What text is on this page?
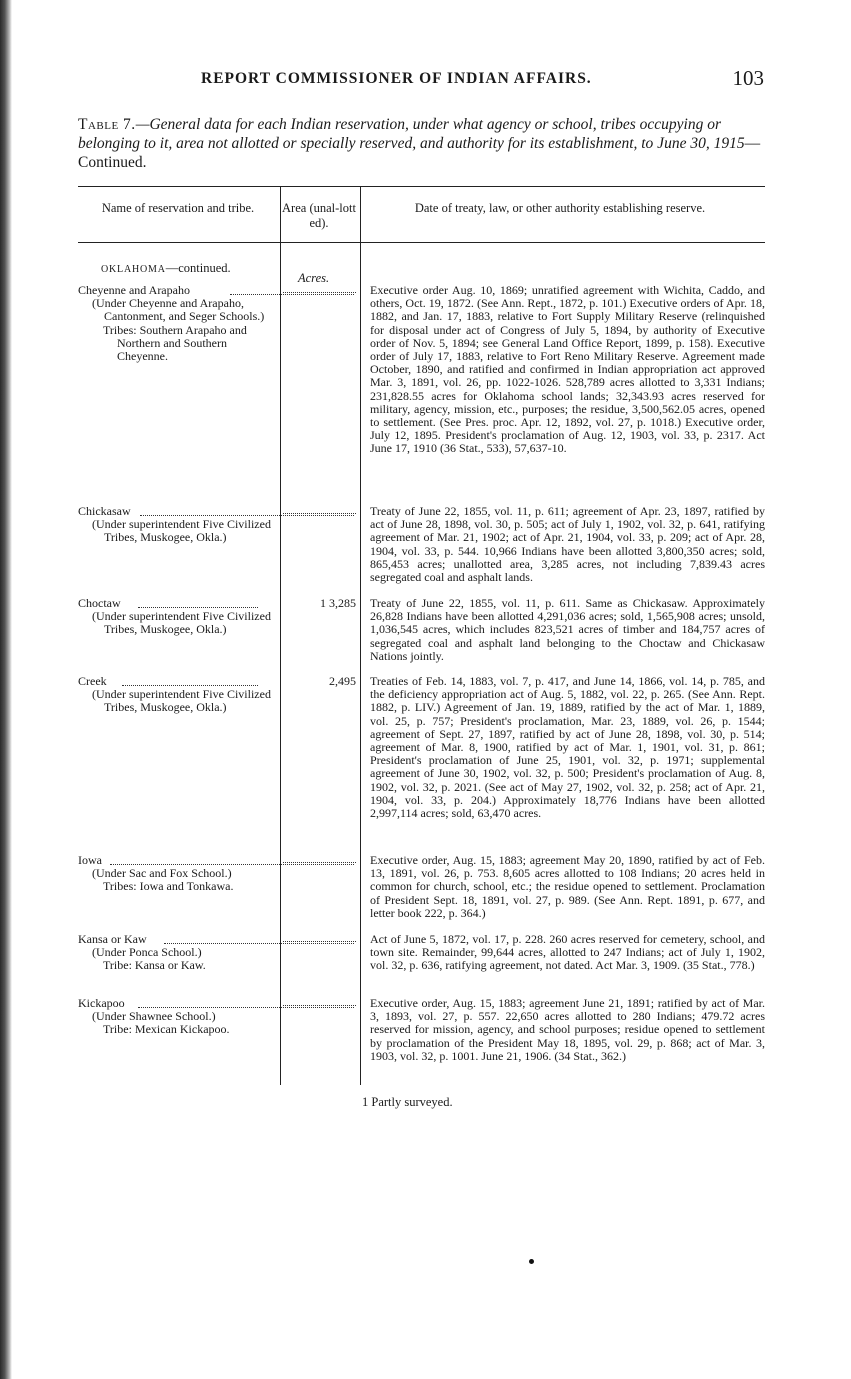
REPORT COMMISSIONER OF INDIAN AFFAIRS.	103
Table 7.—General data for each Indian reservation, under what agency or school, tribes occupying or belonging to it, area not allotted or specially reserved, and authority for its establishment, to June 30, 1915—Continued.
Name of reservation and tribe.	Area (unal-lotted).
Date of treaty, law, or other authority establishing reserve.
OKLAHOMA—continued.
Acres.
Cheyenne and Arapaho
(Under Cheyenne and Arapaho, Cantonment, and Seger Schools.)
Tribes: Southern Arapaho and Northern and Southern Cheyenne.
Executive order Aug. 10, 1869; unratified agreement with Wichita, Caddo, and others, Oct. 19, 1872. (See Ann. Rept., 1872, p. 101.) Executive orders of Apr. 18, 1882, and Jan. 17, 1883, relative to Fort Supply Military Reserve (relinquished for disposal under act of Congress of July 5, 1894, by authority of Executive order of Nov. 5, 1894; see General Land Office Report, 1899, p. 158). Executive order of July 17, 1883, relative to Fort Reno Military Reserve. Agreement made October, 1890, and ratified and confirmed in Indian appropriation act approved Mar. 3, 1891, vol. 26, pp. 1022-1026. 528,789 acres allotted to 3,331 Indians; 231,828.55 acres for Oklahoma school lands; 32,343.93 acres reserved for military, agency, mission, etc., purposes; the residue, 3,500,562.05 acres, opened to settlement. (See Pres. proc. Apr. 12, 1892, vol. 27, p. 1018.) Executive order, July 12, 1895. President's proclamation of Aug. 12, 1903, vol. 33, p. 2317. Act June 17, 1910 (36 Stat., 533), 57,637-10.
Chickasaw
(Under superintendent Five Civilized Tribes, Muskogee, Okla.)
Treaty of June 22, 1855, vol. 11, p. 611; agreement of Apr. 23, 1897, ratified by act of June 28, 1898, vol. 30, p. 505; act of July 1, 1902, vol. 32, p. 641, ratifying agreement of Mar. 21, 1902; act of Apr. 21, 1904, vol. 33, p. 209; act of Apr. 28, 1904, vol. 33, p. 544. 10,966 Indians have been allotted 3,800,350 acres; sold, 865,453 acres; unallotted area, 3,285 acres, not including 7,839.43 acres segregated coal and asphalt lands.
Choctaw
(Under superintendent Five Civilized Tribes, Muskogee, Okla.)
1 3,285 Treaty of June 22, 1855, vol. 11, p. 611. Same as Chickasaw. Approximately 26,828 Indians have been allotted 4,291,036 acres; sold, 1,565,908 acres; unsold, 1,036,545 acres, which includes 823,521 acres of timber and 184,757 acres of segregated coal and asphalt land belonging to the Choctaw and Chickasaw Nations jointly.
Creek
(Under superintendent Five Civilized Tribes, Muskogee, Okla.)
2,495 Treaties of Feb. 14, 1883, vol. 7, p. 417, and June 14, 1866, vol. 14, p. 785, and the deficiency appropriation act of Aug. 5, 1882, vol. 22, p. 265. (See Ann. Rept. 1882, p. LIV.) Agreement of Jan. 19, 1889, ratified by the act of Mar. 1, 1889, vol. 25, p. 757; President's proclamation, Mar. 23, 1889, vol. 26, p. 1544; agreement of Sept. 27, 1897, ratified by act of June 28, 1898, vol. 30, p. 514; agreement of Mar. 8, 1900, ratified by act of Mar. 1, 1901, vol. 31, p. 861; President's proclamation of June 25, 1901, vol. 32, p. 1971; supplemental agreement of June 30, 1902, vol. 32, p. 500; President's proclamation of Aug. 8, 1902, vol. 32, p. 2021. (See act of May 27, 1902, vol. 32, p. 258; act of Apr. 21, 1904, vol. 33, p. 204.) Approximately 18,776 Indians have been allotted 2,997,114 acres; sold, 63,470 acres.
Iowa
(Under Sac and Fox School.)
Tribes: Iowa and Tonkawa.
Executive order, Aug. 15, 1883; agreement May 20, 1890, ratified by act of Feb. 13, 1891, vol. 26, p. 753. 8,605 acres allotted to 108 Indians; 20 acres held in common for church, school, etc.; the residue opened to settlement. Proclamation of President Sept. 18, 1891, vol. 27, p. 989. (See Ann. Rept. 1891, p. 677, and letter book 222, p. 364.)
Kansa or Kaw
(Under Ponca School.)
Tribe: Kansa or Kaw.
Act of June 5, 1872, vol. 17, p. 228. 260 acres reserved for cemetery, school, and town site. Remainder, 99,644 acres, allotted to 247 Indians; act of July 1, 1902, vol. 32, p. 636, ratifying agreement, not dated. Act Mar. 3, 1909. (35 Stat., 778.)
Kickapoo
(Under Shawnee School.)
Tribe: Mexican Kickapoo.
Executive order, Aug. 15, 1883; agreement June 21, 1891; ratified by act of Mar. 3, 1893, vol. 27, p. 557. 22,650 acres allotted to 280 Indians; 479.72 acres reserved for mission, agency, and school purposes; residue opened to settlement by proclamation of the President May 18, 1895, vol. 29, p. 868; act of Mar. 3, 1903, vol. 32, p. 1001. June 21, 1906. (34 Stat., 362.)
1 Partly surveyed.
